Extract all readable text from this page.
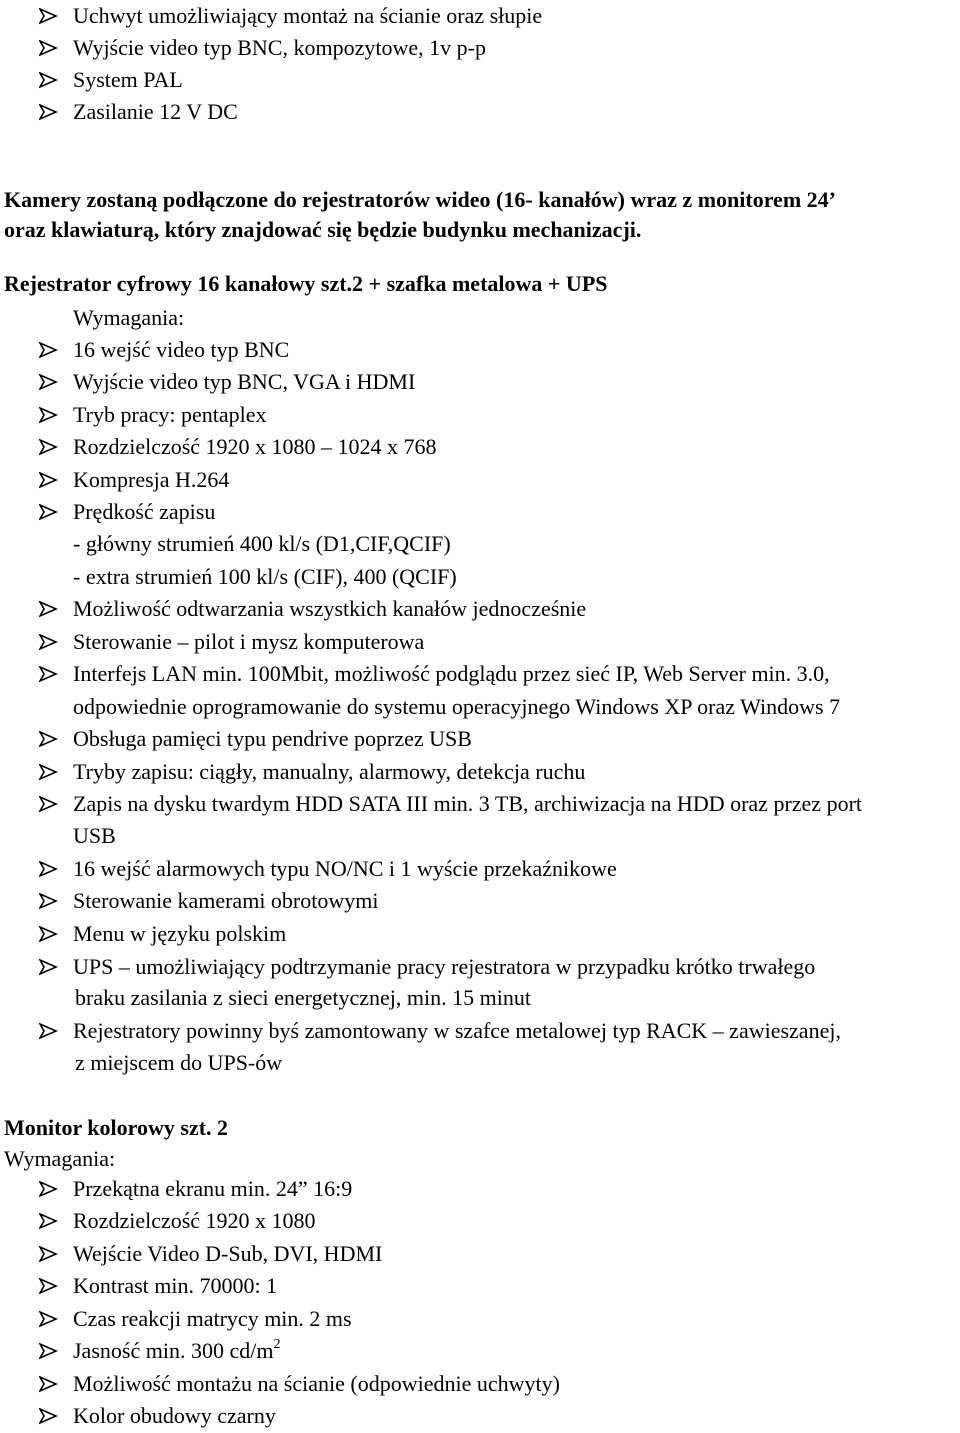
Uchwyt umożliwiający montaż na ścianie oraz słupie
Wyjście video typ BNC, kompozytowe, 1v p-p
System PAL
Zasilanie 12 V DC
Kamery zostaną podłączone do rejestratorów wideo (16- kanałów) wraz z monitorem 24’
oraz klawiaturą, który znajdować się będzie budynku mechanizacji.
Rejestrator cyfrowy 16 kanałowy szt.2 + szafka metalowa + UPS
Wymagania:
16 wejść video typ BNC
Wyjście video typ BNC, VGA i HDMI
Tryb pracy: pentaplex
Rozdzielczość 1920 x 1080 – 1024 x 768
Kompresja H.264
Prędkość zapisu
- główny strumień 400 kl/s (D1,CIF,QCIF)
- extra strumień 100 kl/s (CIF), 400 (QCIF)
Możliwość odtwarzania wszystkich kanałów jednocześnie
Sterowanie – pilot i mysz komputerowa
Interfejs LAN min. 100Mbit, możliwość podglądu przez sieć IP, Web Server min. 3.0,
odpowiednie oprogramowanie do systemu operacyjnego Windows XP oraz Windows 7
Obsługa pamięci typu pendrive poprzez USB
Tryby zapisu: ciągły, manualny, alarmowy, detekcja ruchu
Zapis na dysku twardym HDD SATA III min. 3 TB, archiwizacja na HDD oraz przez port
USB
16 wejść alarmowych typu NO/NC i 1 wyście przekaźnikowe
Sterowanie kamerami obrotowymi
Menu w języku polskim
UPS – umożliwiający podtrzymanie pracy rejestratora w przypadku krótko trwałego
braku zasilania z sieci energetycznej, min. 15 minut
Rejestratory powinny byś zamontowany w szafce metalowej typ RACK – zawieszanej,
z miejscem do UPS-ów
Monitor kolorowy szt. 2
Wymagania:
Przekątna ekranu min. 24” 16:9
Rozdzielczość 1920 x 1080
Wejście Video D-Sub, DVI, HDMI
Kontrast min. 70000: 1
Czas reakcji matrycy min. 2 ms
Jasność min. 300 $cd/m^2$
Możliwość montażu na ścianie (odpowiednie uchwyty)
Kolor obudowy czarny
